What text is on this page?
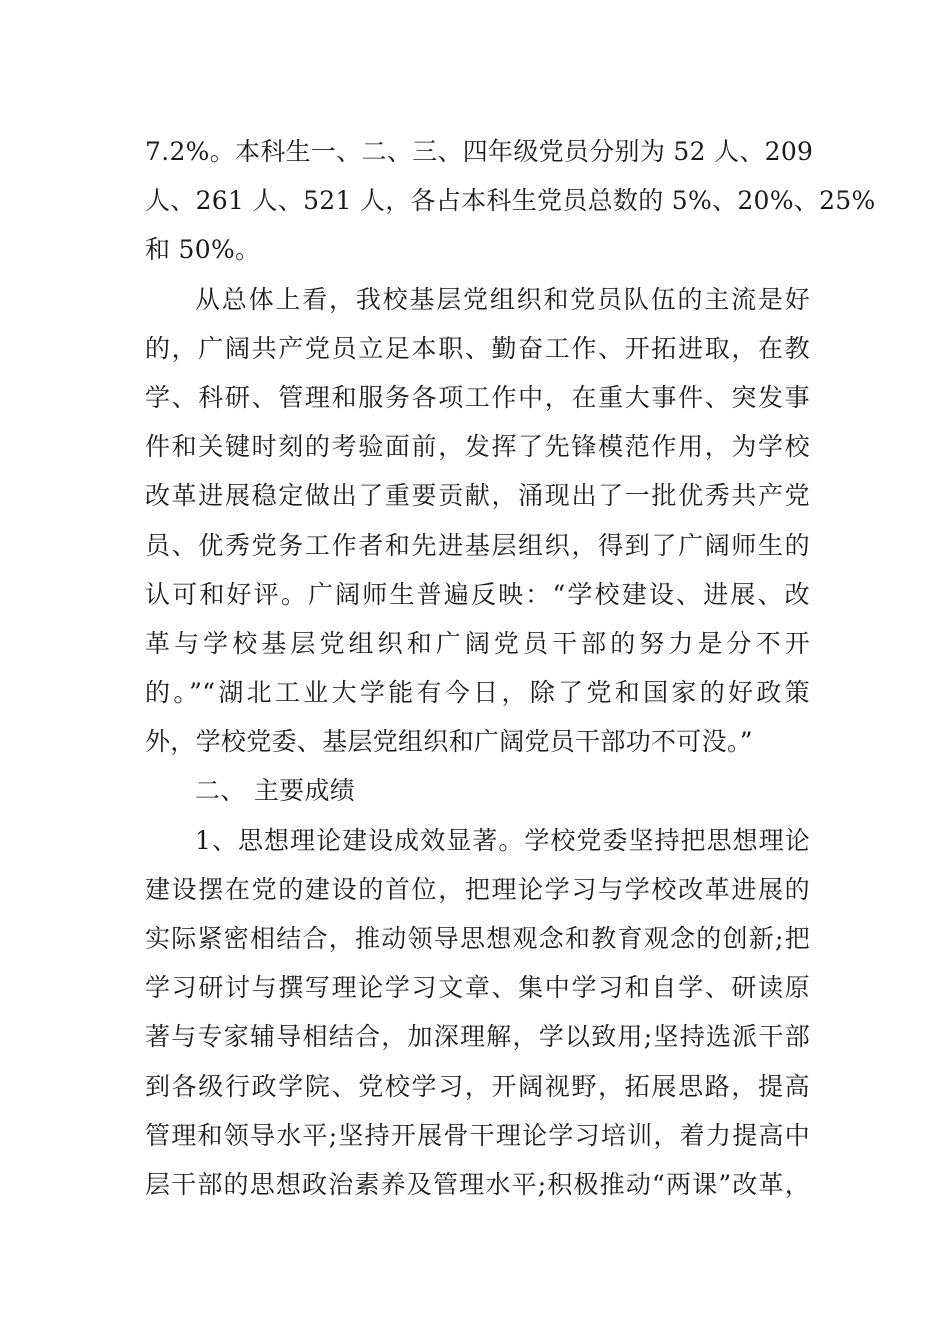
7.2%。本科生一、二、三、四年级党员分别为 52 人、209
人、261 人、521 人，各占本科生党员总数的 5%、20%、25%
和 50%。
从总体上看，我校基层党组织和党员队伍的主流是好
的，广阔共产党员立足本职、勤奋工作、开拓进取，在教
学、科研、管理和服务各项工作中，在重大事件、突发事
件和关键时刻的考验面前，发挥了先锋模范作用，为学校
改革进展稳定做出了重要贡献，涌现出了一批优秀共产党
员、优秀党务工作者和先进基层组织，得到了广阔师生的
认可和好评。广阔师生普遍反映：“学校建设、进展、改
革与学校基层党组织和广阔党员干部的努力是分不开
的。”“湖北工业大学能有今日，除了党和国家的好政策
外，学校党委、基层党组织和广阔党员干部功不可没。”
二、 主要成绩
1、思想理论建设成效显著。学校党委坚持把思想理论
建设摆在党的建设的首位，把理论学习与学校改革进展的
实际紧密相结合，推动领导思想观念和教育观念的创新;把
学习研讨与撰写理论学习文章、集中学习和自学、研读原
著与专家辅导相结合，加深理解，学以致用;坚持选派干部
到各级行政学院、党校学习，开阔视野，拓展思路，提高
管理和领导水平;坚持开展骨干理论学习培训，着力提高中
层干部的思想政治素养及管理水平;积极推动“两课”改革，
